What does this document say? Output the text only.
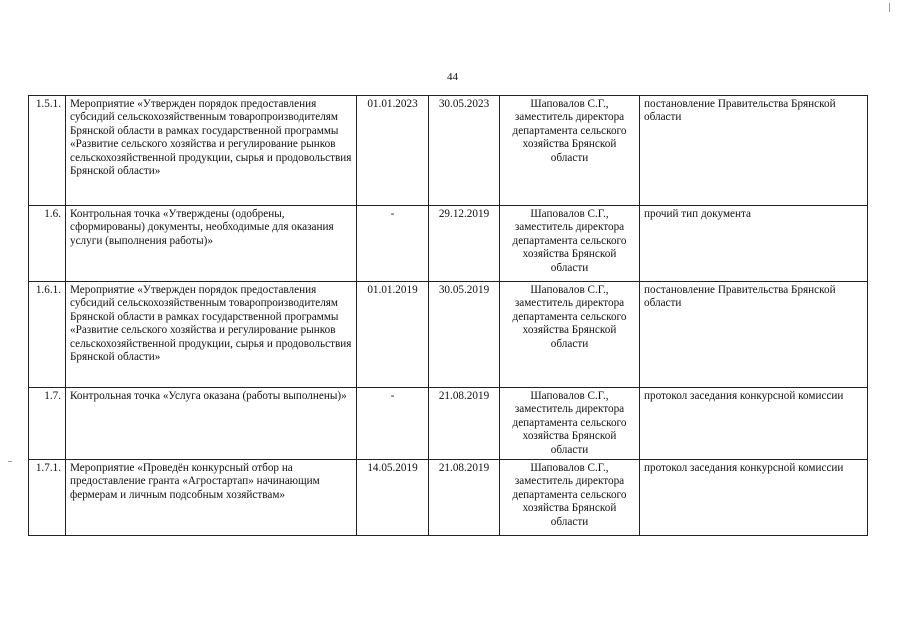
44
1.5.1.	Мероприятие «Утвержден порядок предоставления субсидий сельскохозяйственным товаропроизводителям Брянской области в рамках государственной программы «Развитие сельского хозяйства и регулирование рынков сельскохозяйственной продукции, сырья и продовольствия Брянской области»	01.01.2023	30.05.2023	Шаповалов С.Г., заместитель директора департамента сельского хозяйства Брянской области	постановление Правительства Брянской области
1.6.	Контрольная точка «Утверждены (одобрены, сформированы) документы, необходимые для оказания услуги (выполнения работы)»	-	29.12.2019	Шаповалов С.Г., заместитель директора департамента сельского хозяйства Брянской области	прочий тип документа
1.6.1.	Мероприятие «Утвержден порядок предоставления субсидий сельскохозяйственным товаропроизводителям Брянской области в рамках государственной программы «Развитие сельского хозяйства и регулирование рынков сельскохозяйственной продукции, сырья и продовольствия Брянской области»	01.01.2019	30.05.2019	Шаповалов С.Г., заместитель директора департамента сельского хозяйства Брянской области	постановление Правительства Брянской области
1.7.	Контрольная точка «Услуга оказана (работы выполнены)»	-	21.08.2019	Шаповалов С.Г., заместитель директора департамента сельского хозяйства Брянской области	протокол заседания конкурсной комиссии
1.7.1.	Мероприятие «Проведён конкурсный отбор на предоставление гранта «Агростартап» начинающим фермерам и личным подсобным хозяйствам»	14.05.2019	21.08.2019	Шаповалов С.Г., заместитель директора департамента сельского хозяйства Брянской области	протокол заседания конкурсной комиссии
